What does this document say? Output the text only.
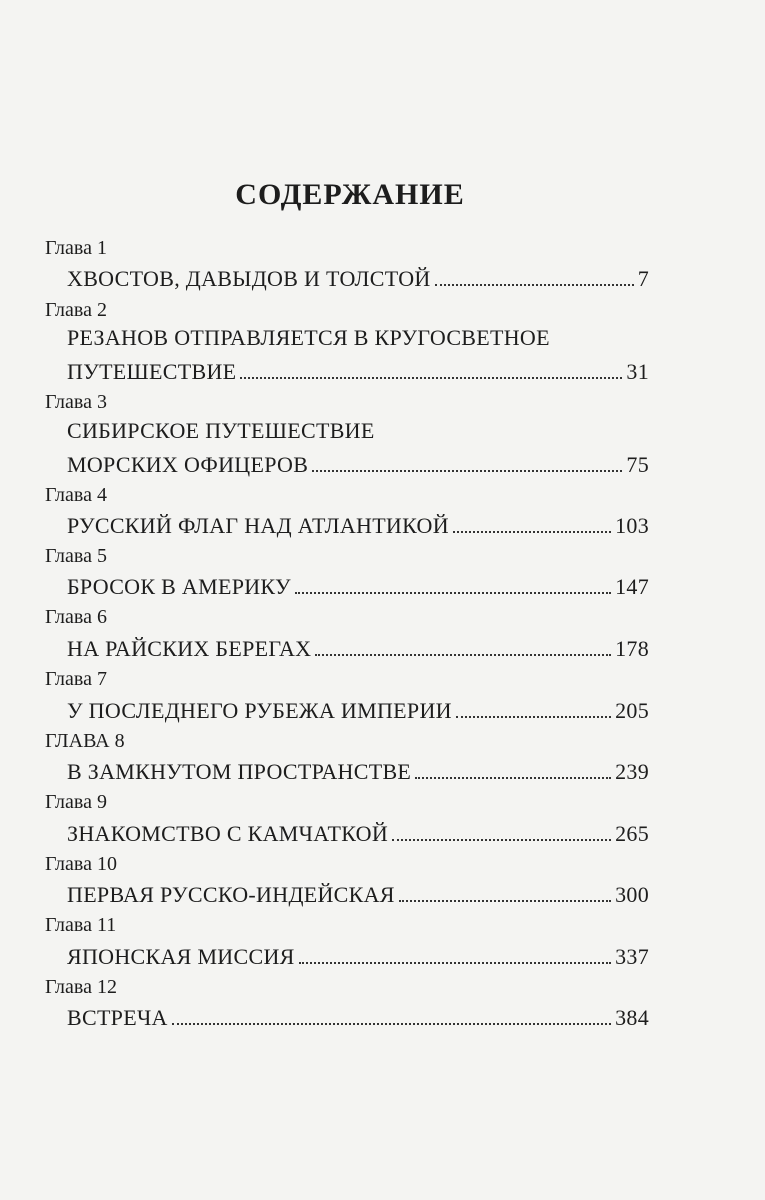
СОДЕРЖАНИЕ
Глава 1
ХВОСТОВ, ДАВЫДОВ И ТОЛСТОЙ	7
Глава 2
РЕЗАНОВ ОТПРАВЛЯЕТСЯ В КРУГОСВЕТНОЕ
ПУТЕШЕСТВИЕ	31
Глава 3
СИБИРСКОЕ ПУТЕШЕСТВИЕ
МОРСКИХ ОФИЦЕРОВ	75
Глава 4
РУССКИЙ ФЛАГ НАД АТЛАНТИКОЙ	103
Глава 5
БРОСОК В АМЕРИКУ	147
Глава 6
НА РАЙСКИХ БЕРЕГАХ	178
Глава 7
У ПОСЛЕДНЕГО РУБЕЖА ИМПЕРИИ	205
ГЛАВА 8
В ЗАМКНУТОМ ПРОСТРАНСТВЕ	239
Глава 9
ЗНАКОМСТВО С КАМЧАТКОЙ	265
Глава 10
ПЕРВАЯ РУССКО-ИНДЕЙСКАЯ	300
Глава 11
ЯПОНСКАЯ МИССИЯ	337
Глава 12
ВСТРЕЧА	384
